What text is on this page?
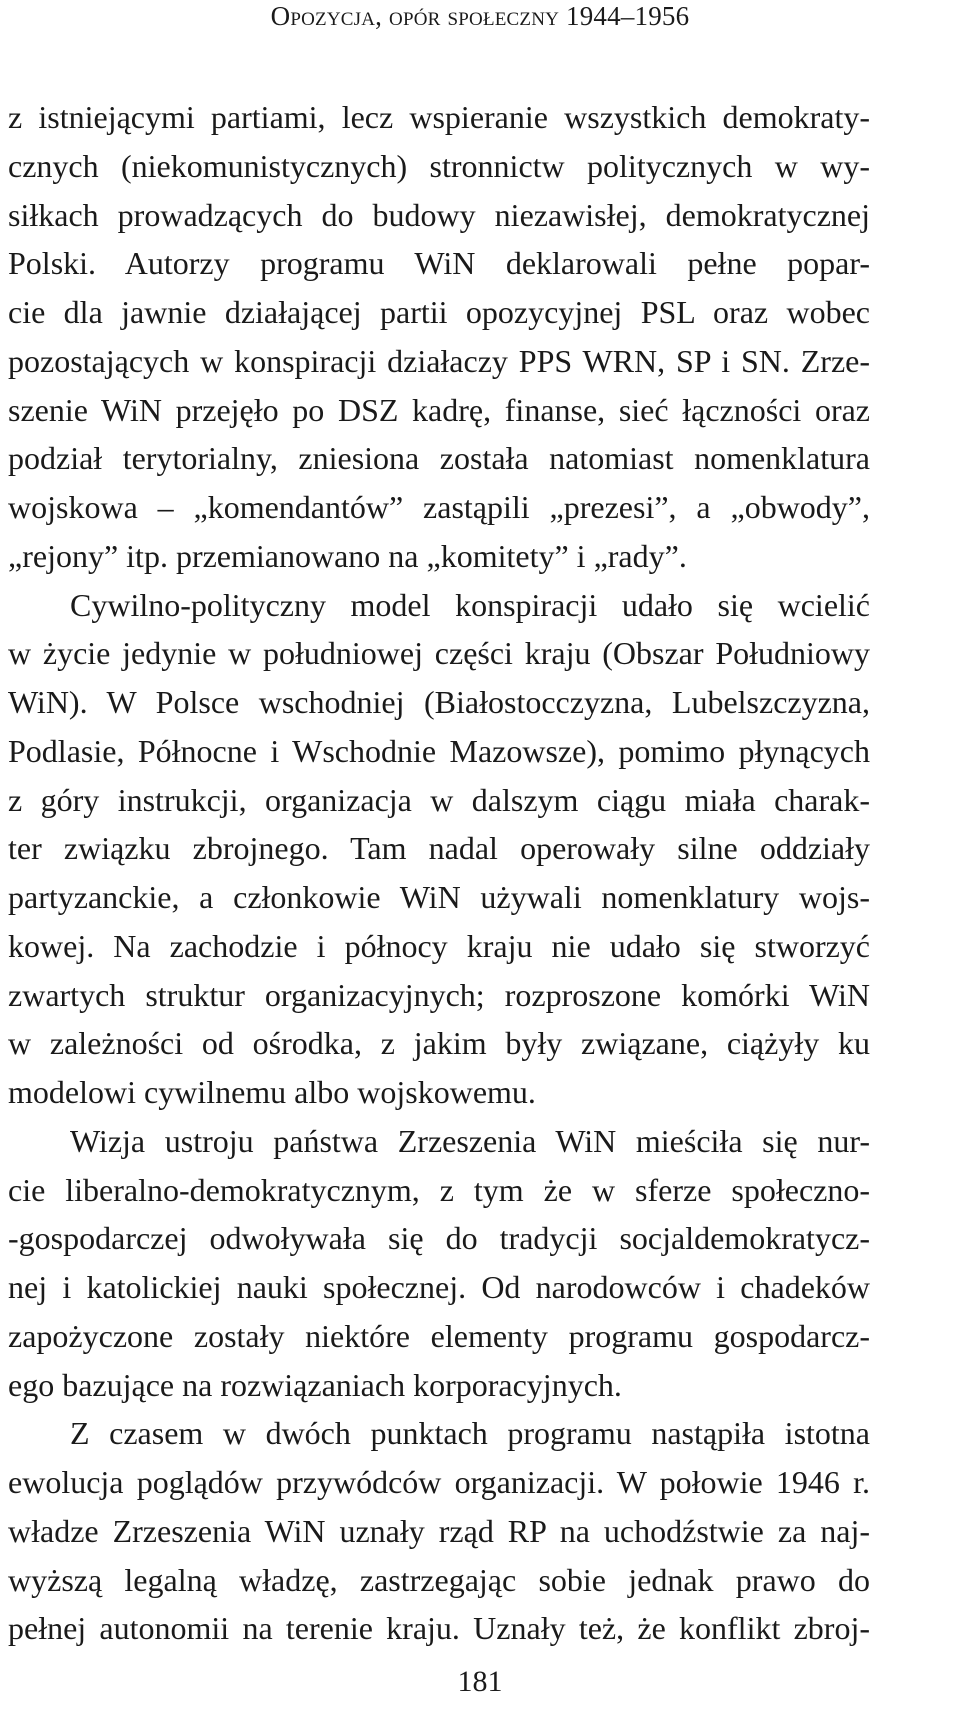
Opozycja, opór społeczny 1944–1956
z istniejącymi partiami, lecz wspieranie wszystkich demokraty-
cznych (niekomunistycznych) stronnictw politycznych w wy-
siłkach prowadzących do budowy niezawisłej, demokratycznej
Polski. Autorzy programu WiN deklarowali pełne popar-
cie dla jawnie działającej partii opozycyjnej PSL oraz wobec
pozostających w konspiracji działaczy PPS WRN, SP i SN. Zrze-
szenie WiN przejęło po DSZ kadrę, finanse, sieć łączności oraz
podział terytorialny, zniesiona została natomiast nomenklatura
wojskowa – „komendantów” zastąpili „prezesi”, a „obwody”,
„rejony” itp. przemianowano na „komitety” i „rady”.
Cywilno-polityczny model konspiracji udało się wcielić
w życie jedynie w południowej części kraju (Obszar Południowy
WiN). W Polsce wschodniej (Białostocczyzna, Lubelszczyzna,
Podlasie, Północne i Wschodnie Mazowsze), pomimo płynących
z góry instrukcji, organizacja w dalszym ciągu miała charak-
ter związku zbrojnego. Tam nadal operowały silne oddziały
partyzanckie, a członkowie WiN używali nomenklatury wojs-
kowej. Na zachodzie i północy kraju nie udało się stworzyć
zwartych struktur organizacyjnych; rozproszone komórki WiN
w zależności od ośrodka, z jakim były związane, ciążyły ku
modelowi cywilnemu albo wojskowemu.
Wizja ustroju państwa Zrzeszenia WiN mieściła się nur-
cie liberalno-demokratycznym, z tym że w sferze społeczno-
-gospodarczej odwoływała się do tradycji socjaldemokratycz-
nej i katolickiej nauki społecznej. Od narodowców i chadeków
zapożyczone zostały niektóre elementy programu gospodarcz-
ego bazujące na rozwiązaniach korporacyjnych.
Z czasem w dwóch punktach programu nastąpiła istotna
ewolucja poglądów przywódców organizacji. W połowie 1946 r.
władze Zrzeszenia WiN uznały rząd RP na uchodźstwie za naj-
wyższą legalną władzę, zastrzegając sobie jednak prawo do
pełnej autonomii na terenie kraju. Uznały też, że konflikt zbroj-
181
